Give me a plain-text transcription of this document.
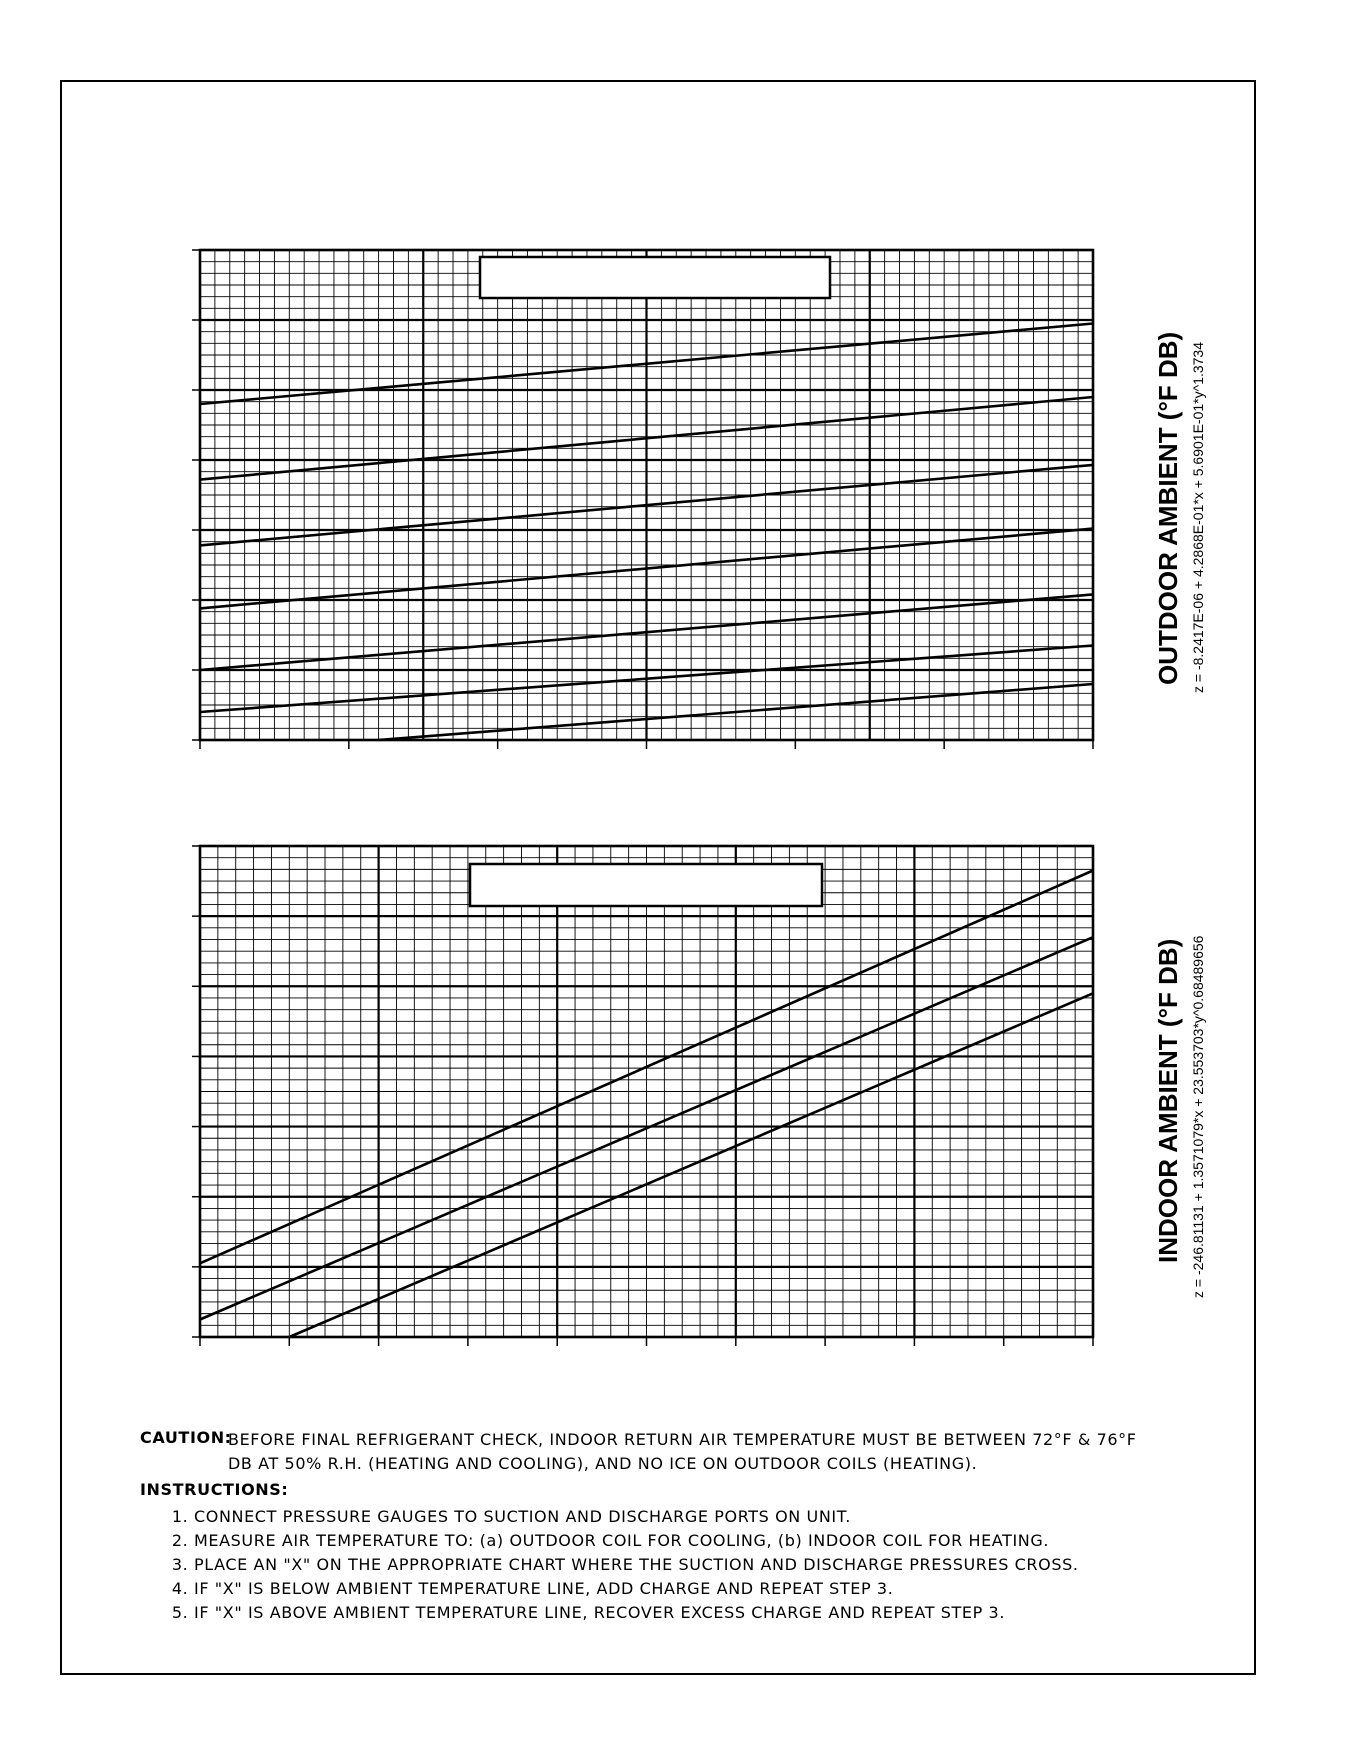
OUTDOOR AMBIENT (°F DB) z = -8.2417E-06 + 4.2868E-01*x + 5.6901E-01*y^1.3734
INDOOR AMBIENT (°F DB) z = -246.81131 + 1.3571079*x + 23.553703*y^0.68489656
CAUTION:
BEFORE FINAL REFRIGERANT CHECK, INDOOR RETURN AIR TEMPERATURE MUST BE BETWEEN 72°F & 76°F
DB AT 50% R.H. (HEATING AND COOLING), AND NO ICE ON OUTDOOR COILS (HEATING).
INSTRUCTIONS:
1. CONNECT PRESSURE GAUGES TO SUCTION AND DISCHARGE PORTS ON UNIT.
2. MEASURE AIR TEMPERATURE TO: (a) OUTDOOR COIL FOR COOLING, (b) INDOOR COIL FOR HEATING.
3. PLACE AN "X" ON THE APPROPRIATE CHART WHERE THE SUCTION AND DISCHARGE PRESSURES CROSS.
4. IF "X" IS BELOW AMBIENT TEMPERATURE LINE, ADD CHARGE AND REPEAT STEP 3.
5. IF "X" IS ABOVE AMBIENT TEMPERATURE LINE, RECOVER EXCESS CHARGE AND REPEAT STEP 3.
